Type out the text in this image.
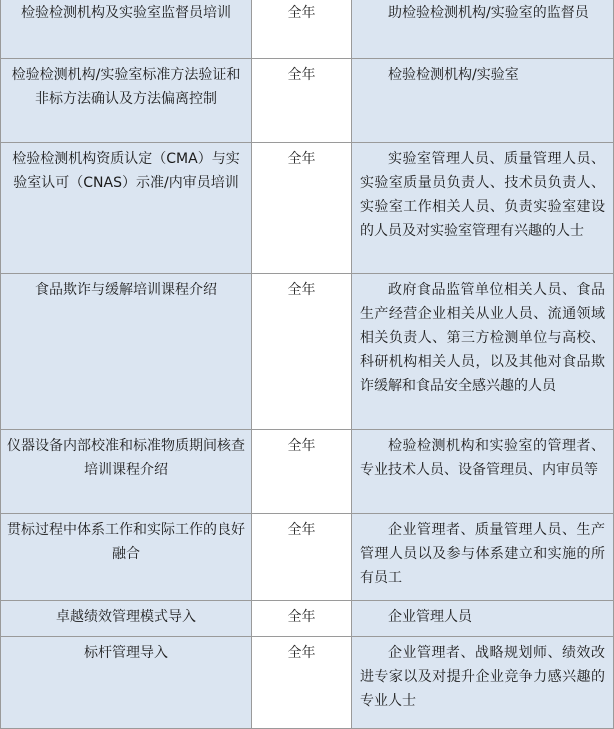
检验检测机构及实验室监督员培训	全年	助检验检测机构/实验室的监督员
检验检测机构/实验室标准方法验证和非标方法确认及方法偏离控制	全年	检验检测机构/实验室
检验检测机构资质认定（CMA）与实验室认可（CNAS）示准/内审员培训	全年	实验室管理人员、质量管理人员、实验室质量员负责人、技术员负责人、实验室工作相关人员、负责实验室建设的人员及对实验室管理有兴趣的人士
食品欺诈与缓解培训课程介绍	全年	政府食品监管单位相关人员、食品生产经营企业相关从业人员、流通领域相关负责人、第三方检测单位与高校、科研机构相关人员，以及其他对食品欺诈缓解和食品安全感兴趣的人员
仪器设备内部校准和标准物质期间核查培训课程介绍	全年	检验检测机构和实验室的管理者、专业技术人员、设备管理员、内审员等
贯标过程中体系工作和实际工作的良好融合	全年	企业管理者、质量管理人员、生产管理人员以及参与体系建立和实施的所有员工
卓越绩效管理模式导入	全年	企业管理人员
标杆管理导入	全年	企业管理者、战略规划师、绩效改进专家以及对提升企业竞争力感兴趣的专业人士
